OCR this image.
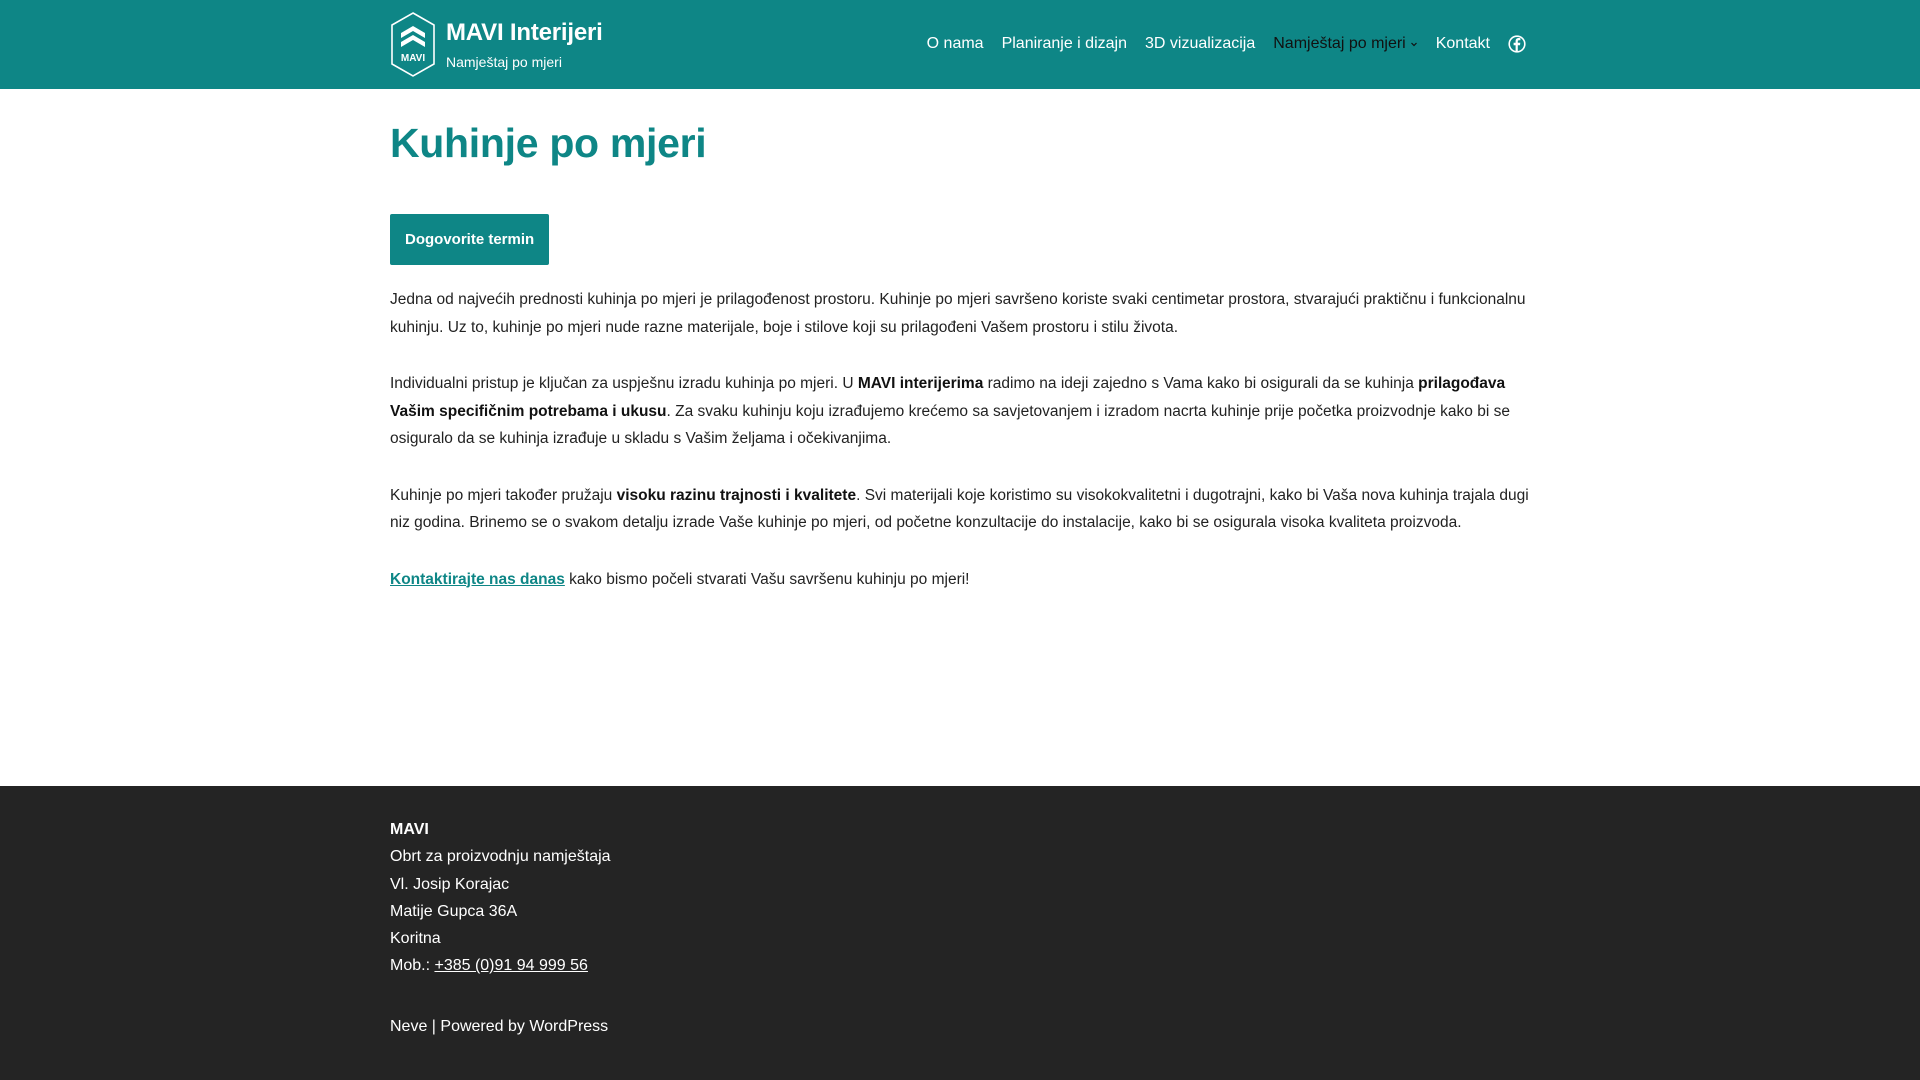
MAVI
MAVI Interijeri
Namještaj po mjeri
O nama Planiranje i dizajn 3D vizualizacija Namještaj po mjeri Kontakt
Kuhinje po mjeri
Dogovorite termin

Jedna od najvećih prednosti kuhinja po mjeri je prilagođenost prostoru. Kuhinje po mjeri savršeno koriste svaki centimetar prostora, stvarajući praktičnu i funkcionalnu kuhinju. Uz to, kuhinje po mjeri nude razne materijale, boje i stilove koji su prilagođeni Vašem prostoru i stilu života.

Individualni pristup je ključan za uspješnu izradu kuhinja po mjeri. U MAVI interijerima radimo na ideji zajedno s Vama kako bi osigurali da se kuhinja prilagođava Vašim specifičnim potrebama i ukusu. Za svaku kuhinju koju izrađujemo krećemo sa savjetovanjem i izradom nacrta kuhinje prije početka proizvodnje kako bi se osiguralo da se kuhinja izrađuje u skladu s Vašim željama i očekivanjima.

Kuhinje po mjeri također pružaju visoku razinu trajnosti i kvalitete. Svi materijali koje koristimo su visokokvalitetni i dugotrajni, kako bi Vaša nova kuhinja trajala dugi niz godina. Brinemo se o svakom detalju izrade Vaše kuhinje po mjeri, od početne konzultacije do instalacije, kako bi se osigurala visoka kvaliteta proizvoda.

Kontaktirajte nas danas kako bismo počeli stvarati Vašu savršenu kuhinju po mjeri!

MAVI
Obrt za proizvodnju namještaja
Vl. Josip Korajac
Matije Gupca 36A
Koritna
Mob.: +385 (0)91 94 999 56
Neve | Powered by WordPress
